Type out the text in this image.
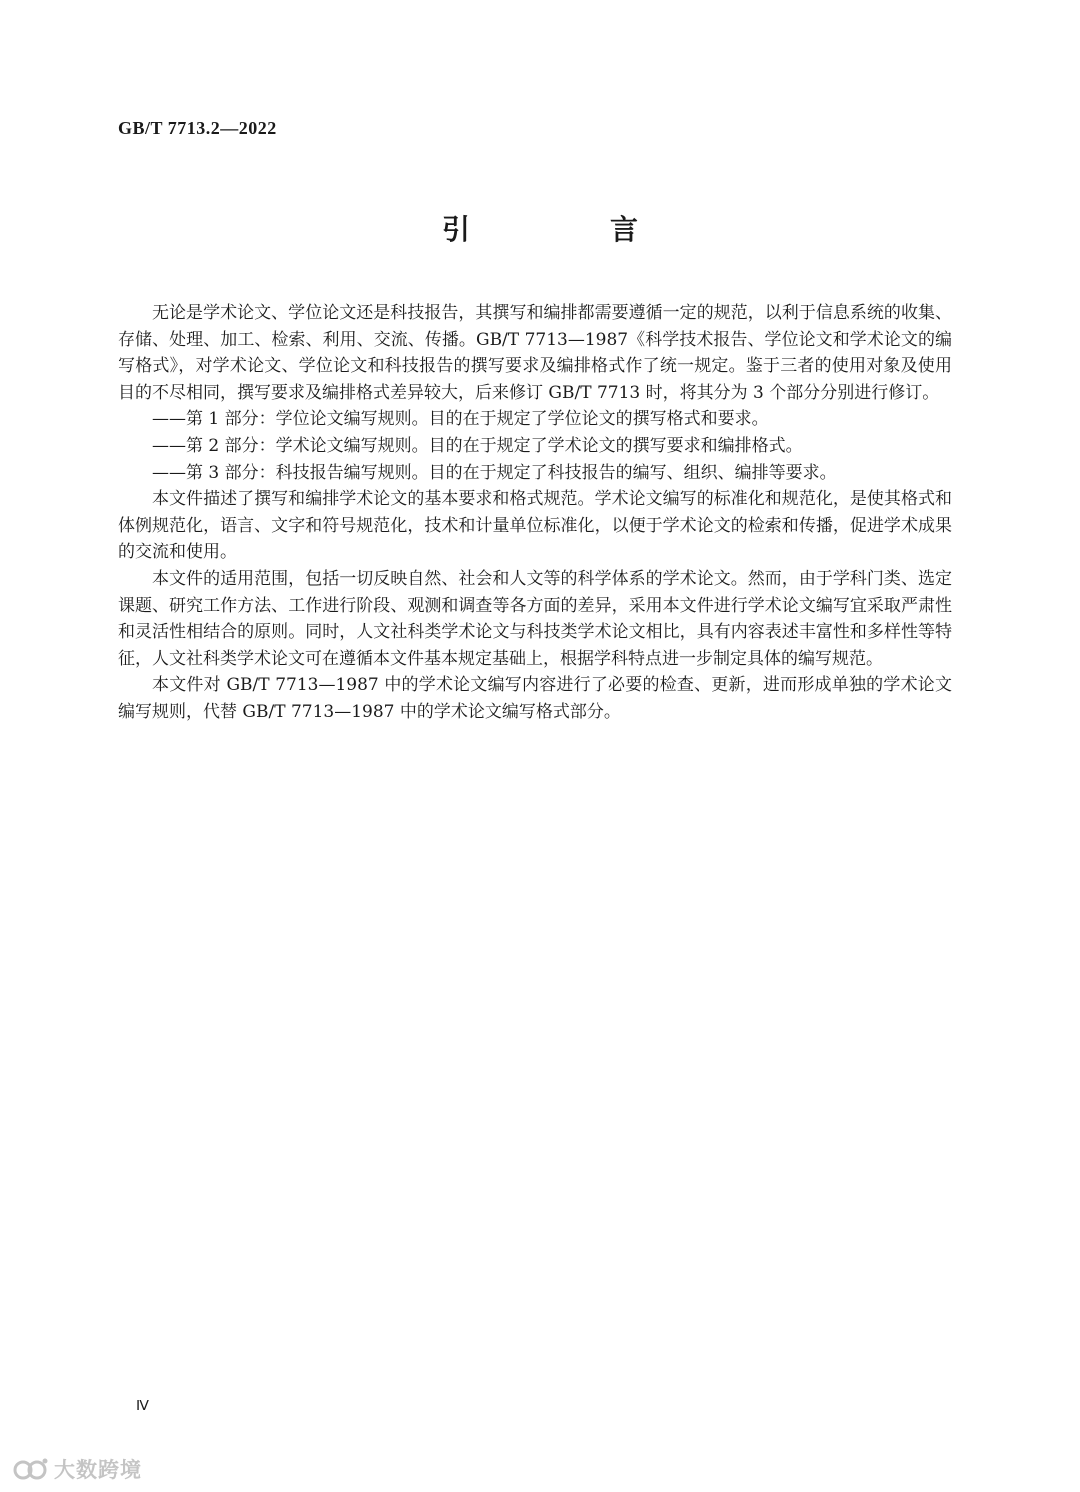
GB/T 7713.2—2022
引　言

无论是学术论文、学位论文还是科技报告，其撰写和编排都需要遵循一定的规范，以利于信息系统的收集、存储、处理、加工、检索、利用、交流、传播。GB/T 7713—1987《科学技术报告、学位论文和学术论文的编写格式》，对学术论文、学位论文和科技报告的撰写要求及编排格式作了统一规定。鉴于三者的使用对象及使用目的不尽相同，撰写要求及编排格式差异较大，后来修订 GB/T 7713 时，将其分为 3 个部分分别进行修订。

——第 1 部分：学位论文编写规则。目的在于规定了学位论文的撰写格式和要求。

——第 2 部分：学术论文编写规则。目的在于规定了学术论文的撰写要求和编排格式。

——第 3 部分：科技报告编写规则。目的在于规定了科技报告的编写、组织、编排等要求。

本文件描述了撰写和编排学术论文的基本要求和格式规范。学术论文编写的标准化和规范化，是使其格式和体例规范化，语言、文字和符号规范化，技术和计量单位标准化，以便于学术论文的检索和传播，促进学术成果的交流和使用。

本文件的适用范围，包括一切反映自然、社会和人文等的科学体系的学术论文。然而，由于学科门类、选定课题、研究工作方法、工作进行阶段、观测和调查等各方面的差异，采用本文件进行学术论文编写宜采取严肃性和灵活性相结合的原则。同时，人文社科类学术论文与科技类学术论文相比，具有内容表述丰富性和多样性等特征，人文社科类学术论文可在遵循本文件基本规定基础上，根据学科特点进一步制定具体的编写规范。

本文件对 GB/T 7713—1987 中的学术论文编写内容进行了必要的检查、更新，进而形成单独的学术论文编写规则，代替 GB/T 7713—1987 中的学术论文编写格式部分。

Ⅳ
大数跨境
